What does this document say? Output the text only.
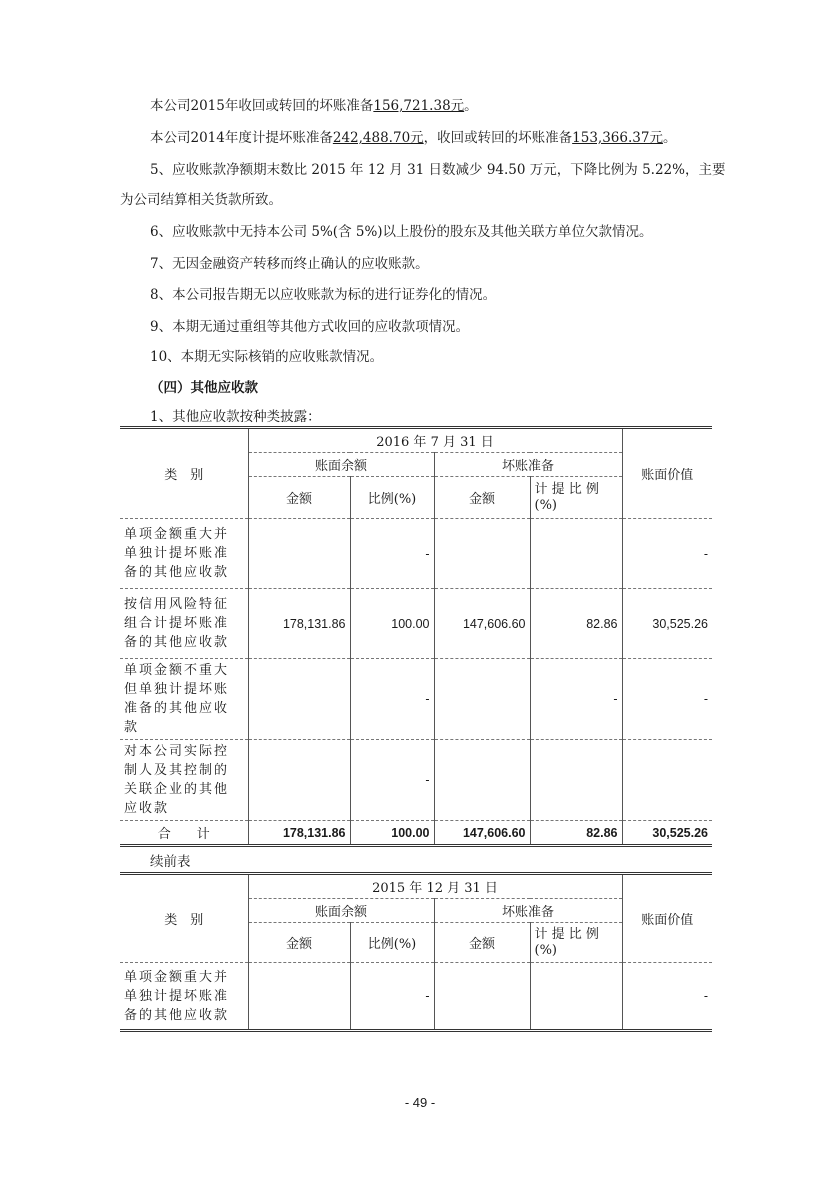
本公司2015年收回或转回的坏账准备156,721.38元。
本公司2014年度计提坏账准备242,488.70元，收回或转回的坏账准备153,366.37元。
5、应收账款净额期末数比 2015 年 12 月 31 日数减少 94.50 万元，下降比例为 5.22%，主要
为公司结算相关货款所致。
6、应收账款中无持本公司 5%(含 5%)以上股份的股东及其他关联方单位欠款情况。
7、无因金融资产转移而终止确认的应收账款。
8、本公司报告期无以应收账款为标的进行证券化的情况。
9、本期无通过重组等其他方式收回的应收款项情况。
10、本期无实际核销的应收账款情况。
（四）其他应收款
1、其他应收款按种类披露：
类　别	2016 年 7 月 31 日				账面价值
	账面余额		坏账准备		
	金额	比例(%)	金额	计 提 比 例 (%)	
单项金额重大并单独计提坏账准备的其他应收款		-			-
按信用风险特征组合计提坏账准备的其他应收款	178,131.86	100.00	147,606.60	82.86	30,525.26
单项金额不重大但单独计提坏账准备的其他应收款		-		-	-
对本公司实际控制人及其控制的关联企业的其他应收款		-			
合　　计	178,131.86	100.00	147,606.60	82.86	30,525.26
续前表
类　别	2015 年 12 月 31 日				账面价值
	账面余额		坏账准备		
	金额	比例(%)	金额	计 提 比 例 (%)	
单项金额重大并单独计提坏账准备的其他应收款		-			-
- 49 -
